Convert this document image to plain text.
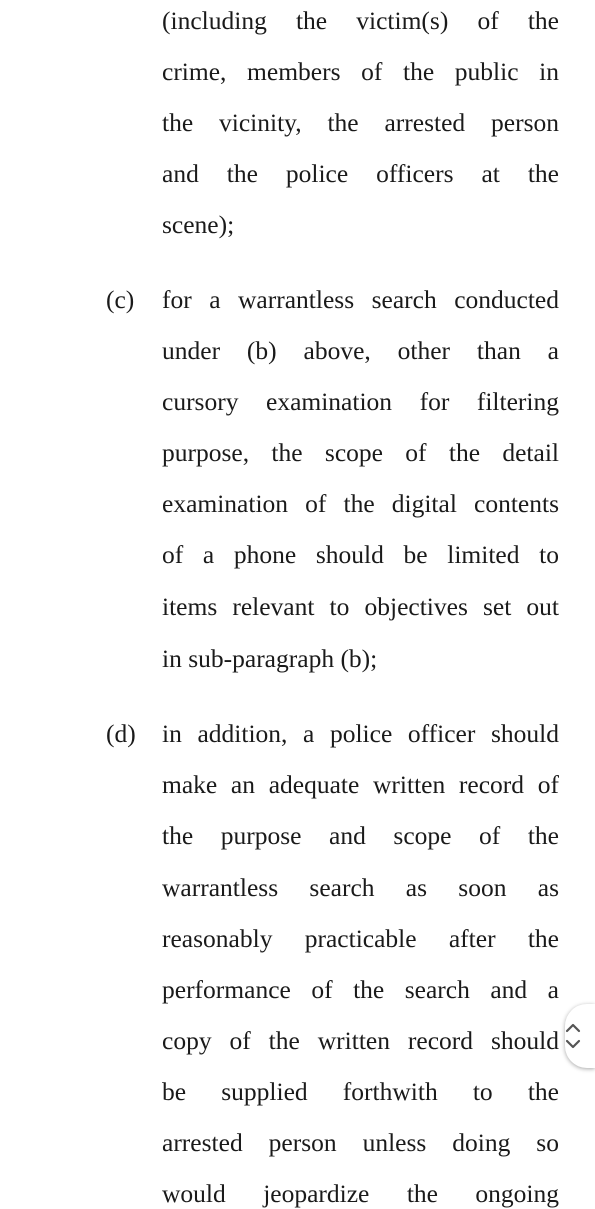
(including the victim(s) of the
crime, members of the public in
the vicinity, the arrested person
and the police officers at the
scene);
(c) for a warrantless search conducted
under (b) above, other than a
cursory examination for filtering
purpose, the scope of the detail
examination of the digital contents
of a phone should be limited to
items relevant to objectives set out
in sub-paragraph (b);
(d) in addition, a police officer should
make an adequate written record of
the purpose and scope of the
warrantless search as soon as
reasonably practicable after the
performance of the search and a
copy of the written record should
be supplied forthwith to the
arrested person unless doing so
would jeopardize the ongoing
